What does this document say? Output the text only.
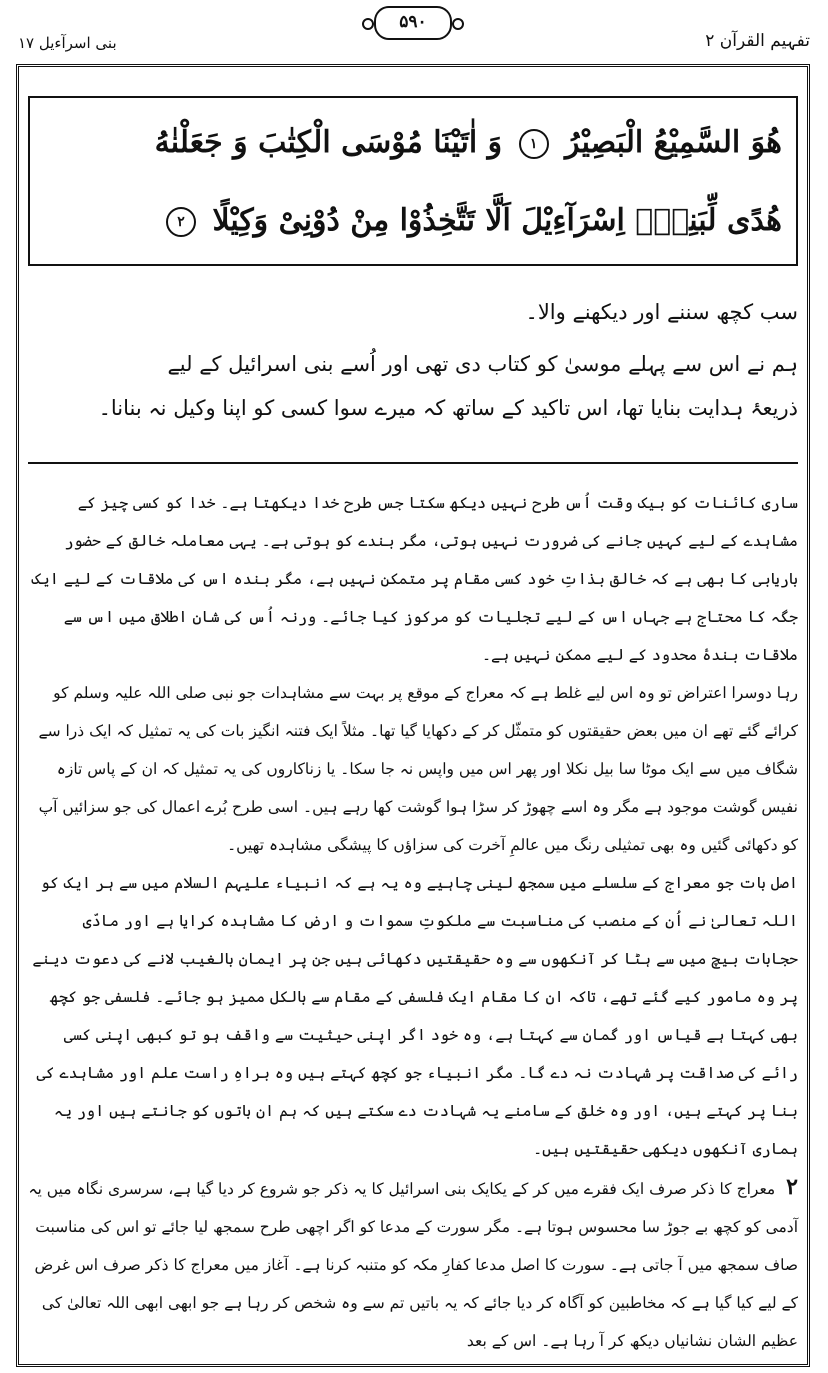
تفہیم القرآن ۲
۵۹۰
بنی اسرآءیل ۱۷
هُوَ السَّمِیْعُ الْبَصِیْرُ ١ وَ اٰتَیْنَا مُوْسَى الْكِتٰبَ وَ جَعَلْنٰهُ
هُدًى لِّبَنِیْۤ اِسْرَآءِیْلَ اَلَّا تَتَّخِذُوْا مِنْ دُوْنِیْ وَكِیْلًا ٢
سب کچھ سننے اور دیکھنے والا۔
ہم نے اس سے پہلے موسیٰ کو کتاب دی تھی اور اُسے بنی اسرائیل کے لیے
ذریعۂ ہدایت بنایا تھا، اس تاکید کے ساتھ کہ میرے سوا کسی کو اپنا وکیل نہ بنانا۔

ساری کائنات کو بیک وقت اُس طرح نہیں دیکھ سکتا جس طرح خدا دیکھتا ہے۔ خدا کو کسی چیز کے مشاہدے کے لیے کہیں جانے کی ضرورت نہیں ہوتی، مگر بندے کو ہوتی ہے۔ یہی معاملہ خالق کے حضور باریابی کا بھی ہے کہ خالق بذاتِ خود کسی مقام پر متمکن نہیں ہے، مگر بندہ اس کی ملاقات کے لیے ایک جگہ کا محتاج ہے جہاں اس کے لیے تجلیات کو مرکوز کیا جائے۔ ورنہ اُس کی شانِ اطلاق میں اس سے ملاقات بندۂ محدود کے لیے ممکن نہیں ہے۔

رہا دوسرا اعتراض تو وہ اس لیے غلط ہے کہ معراج کے موقع پر بہت سے مشاہدات جو نبی صلی اللہ علیہ وسلم کو کرائے گئے تھے ان میں بعض حقیقتوں کو متمثّل کر کے دکھایا گیا تھا۔ مثلاً ایک فتنہ انگیز بات کی یہ تمثیل کہ ایک ذرا سے شگاف میں سے ایک موٹا سا بیل نکلا اور پھر اس میں واپس نہ جا سکا۔ یا زناکاروں کی یہ تمثیل کہ ان کے پاس تازہ نفیس گوشت موجود ہے مگر وہ اسے چھوڑ کر سڑا ہوا گوشت کھا رہے ہیں۔ اسی طرح بُرے اعمال کی جو سزائیں آپ کو دکھائی گئیں وہ بھی تمثیلی رنگ میں عالمِ آخرت کی سزاؤں کا پیشگی مشاہدہ تھیں۔

اصل بات جو معراج کے سلسلے میں سمجھ لینی چاہیے وہ یہ ہے کہ انبیاء علیہم السلام میں سے ہر ایک کو اللہ تعالیٰ نے اُن کے منصب کی مناسبت سے ملکوتِ سموات و ارض کا مشاہدہ کرایا ہے اور مادّی حجابات بیچ میں سے ہٹا کر آنکھوں سے وہ حقیقتیں دکھائی ہیں جن پر ایمان بالغیب لانے کی دعوت دینے پر وہ مامور کیے گئے تھے، تاکہ ان کا مقام ایک فلسفی کے مقام سے بالکل ممیز ہو جائے۔ فلسفی جو کچھ بھی کہتا ہے قیاس اور گمان سے کہتا ہے، وہ خود اگر اپنی حیثیت سے واقف ہو تو کبھی اپنی کسی رائے کی صداقت پر شہادت نہ دے گا۔ مگر انبیاء جو کچھ کہتے ہیں وہ براہِ راست علم اور مشاہدے کی بنا پر کہتے ہیں، اور وہ خلق کے سامنے یہ شہادت دے سکتے ہیں کہ ہم ان باتوں کو جانتے ہیں اور یہ ہماری آنکھوں دیکھی حقیقتیں ہیں۔

۲ معراج کا ذکر صرف ایک فقرے میں کر کے یکایک بنی اسرائیل کا یہ ذکر جو شروع کر دیا گیا ہے، سرسری نگاہ میں یہ آدمی کو کچھ بے جوڑ سا محسوس ہوتا ہے۔ مگر سورت کے مدعا کو اگر اچھی طرح سمجھ لیا جائے تو اس کی مناسبت صاف سمجھ میں آ جاتی ہے۔ سورت کا اصل مدعا کفارِ مکہ کو متنبہ کرنا ہے۔ آغاز میں معراج کا ذکر صرف اس غرض کے لیے کیا گیا ہے کہ مخاطبین کو آگاہ کر دیا جائے کہ یہ باتیں تم سے وہ شخص کر رہا ہے جو ابھی ابھی اللہ تعالیٰ کی عظیم الشان نشانیاں دیکھ کر آ رہا ہے۔ اس کے بعد
